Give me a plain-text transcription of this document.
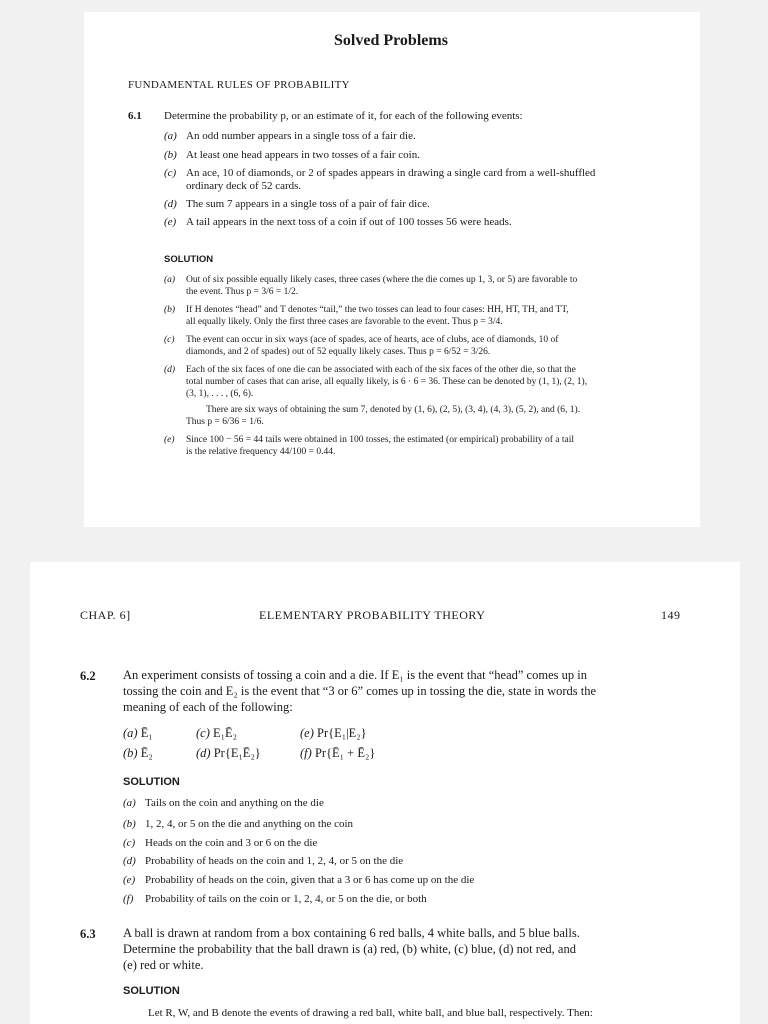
Solved Problems
FUNDAMENTAL RULES OF PROBABILITY
6.1 Determine the probability p, or an estimate of it, for each of the following events:
(a) An odd number appears in a single toss of a fair die.
(b) At least one head appears in two tosses of a fair coin.
(c) An ace, 10 of diamonds, or 2 of spades appears in drawing a single card from a well-shuffled
ordinary deck of 52 cards.
(d) The sum 7 appears in a single toss of a pair of fair dice.
(e) A tail appears in the next toss of a coin if out of 100 tosses 56 were heads.
SOLUTION
(a) Out of six possible equally likely cases, three cases (where the die comes up 1, 3, or 5) are favorable to
the event. Thus p = 3/6 = 1/2.
(b) If H denotes “head” and T denotes “tail,” the two tosses can lead to four cases: HH, HT, TH, and TT,
all equally likely. Only the first three cases are favorable to the event. Thus p = 3/4.
(c) The event can occur in six ways (ace of spades, ace of hearts, ace of clubs, ace of diamonds, 10 of
diamonds, and 2 of spades) out of 52 equally likely cases. Thus p = 6/52 = 3/26.
(d) Each of the six faces of one die can be associated with each of the six faces of the other die, so that the
total number of cases that can arise, all equally likely, is 6 · 6 = 36. These can be denoted by (1, 1), (2, 1),
(3, 1), . . . , (6, 6).
There are six ways of obtaining the sum 7, denoted by (1, 6), (2, 5), (3, 4), (4, 3), (5, 2), and (6, 1).
Thus p = 6/36 = 1/6.
(e) Since 100 − 56 = 44 tails were obtained in 100 tosses, the estimated (or empirical) probability of a tail
is the relative frequency 44/100 = 0.44.
CHAP. 6]	ELEMENTARY PROBABILITY THEORY	149
6.2 An experiment consists of tossing a coin and a die. If E₁ is the event that “head” comes up in
tossing the coin and E₂ is the event that “3 or 6” comes up in tossing the die, state in words the
meaning of each of the following:
(a) Ē₁	(c) E₁Ē₂	(e) Pr{E₁|E₂}
(b) Ē₂	(d) Pr{E₁Ē₂}	(f) Pr{Ē₁ + Ē₂}
SOLUTION
(a) Tails on the coin and anything on the die
(b) 1, 2, 4, or 5 on the die and anything on the coin
(c) Heads on the coin and 3 or 6 on the die
(d) Probability of heads on the coin and 1, 2, 4, or 5 on the die
(e) Probability of heads on the coin, given that a 3 or 6 has come up on the die
(f) Probability of tails on the coin or 1, 2, 4, or 5 on the die, or both
6.3 A ball is drawn at random from a box containing 6 red balls, 4 white balls, and 5 blue balls.
Determine the probability that the ball drawn is (a) red, (b) white, (c) blue, (d) not red, and
(e) red or white.
SOLUTION
Let R, W, and B denote the events of drawing a red ball, white ball, and blue ball, respectively. Then:
